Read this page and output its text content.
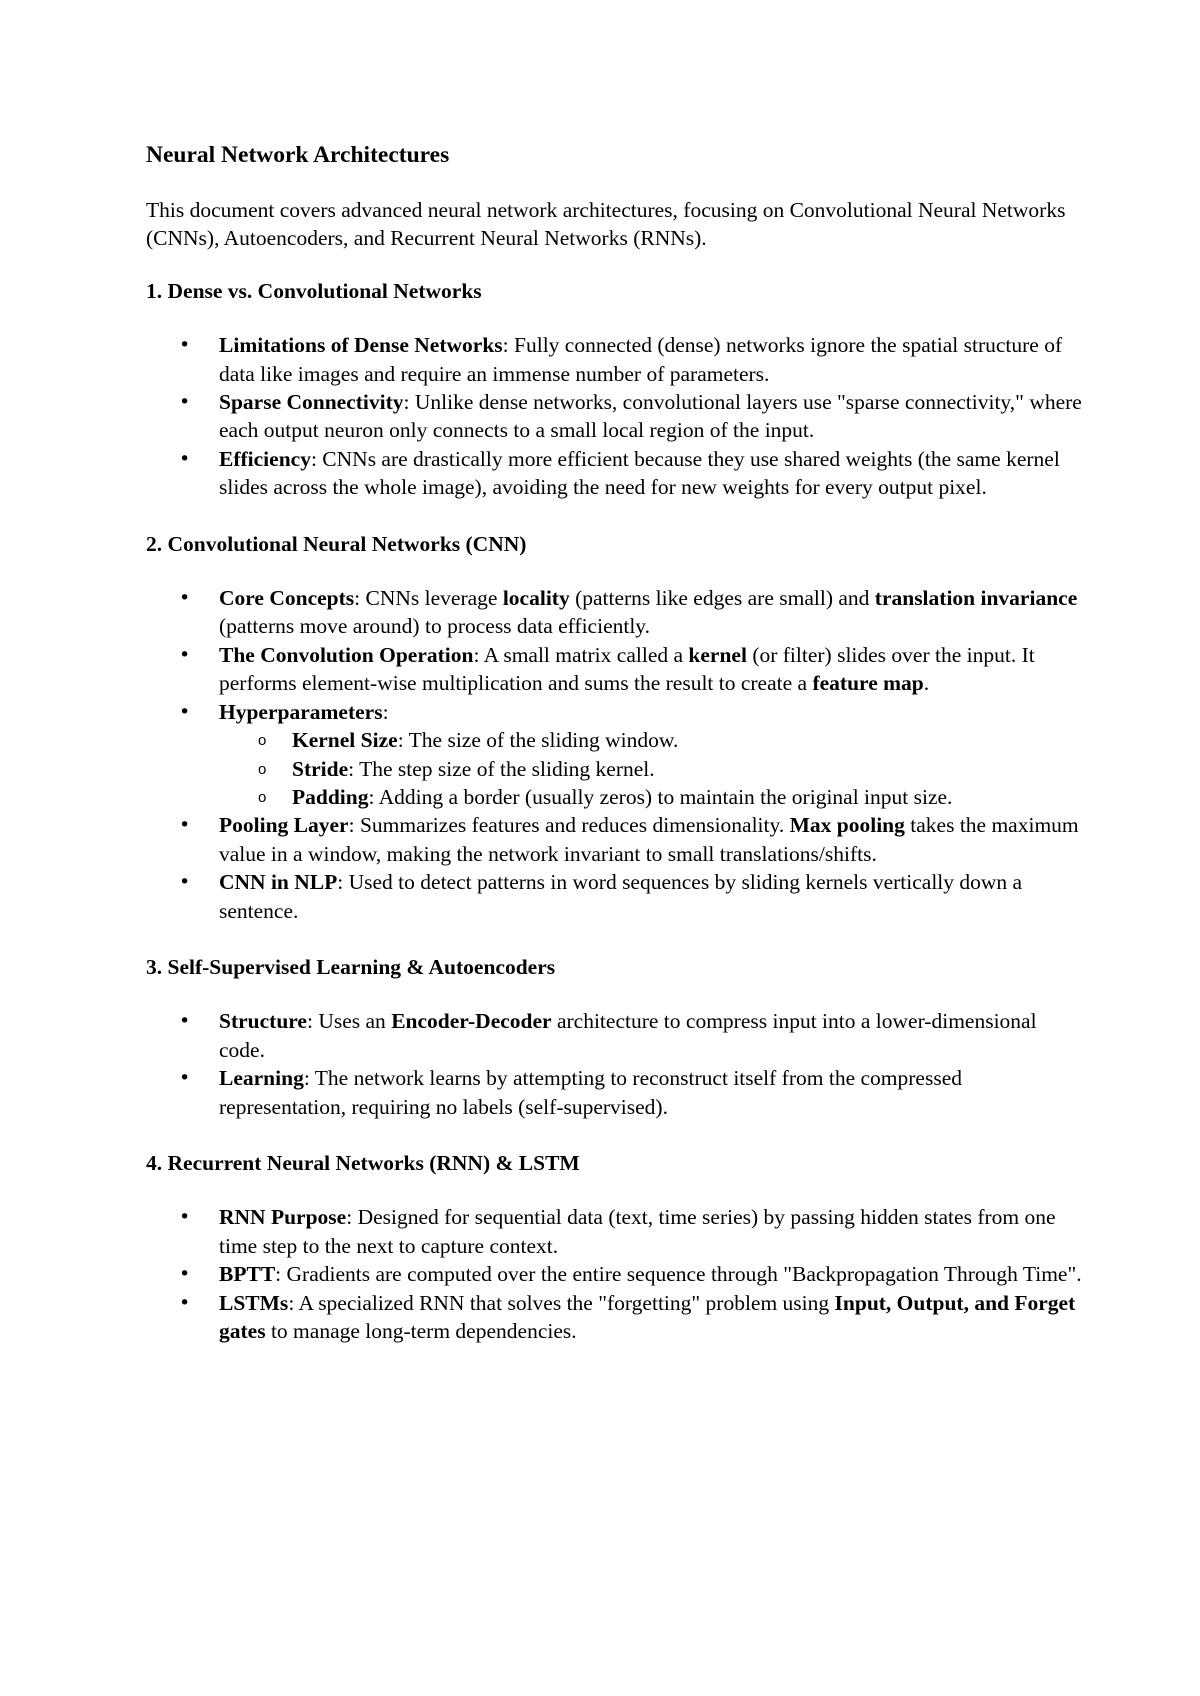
Neural Network Architectures

This document covers advanced neural network architectures, focusing on Convolutional Neural Networks (CNNs), Autoencoders, and Recurrent Neural Networks (RNNs).

1. Dense vs. Convolutional Networks
• Limitations of Dense Networks: Fully connected (dense) networks ignore the spatial structure of data like images and require an immense number of parameters.
• Sparse Connectivity: Unlike dense networks, convolutional layers use "sparse connectivity," where each output neuron only connects to a small local region of the input.
• Efficiency: CNNs are drastically more efficient because they use shared weights (the same kernel slides across the whole image), avoiding the need for new weights for every output pixel.
2. Convolutional Neural Networks (CNN)
• Core Concepts: CNNs leverage locality (patterns like edges are small) and translation invariance (patterns move around) to process data efficiently.
• The Convolution Operation: A small matrix called a kernel (or filter) slides over the input. It performs element-wise multiplication and sums the result to create a feature map.
• Hyperparameters:
o Kernel Size: The size of the sliding window.
o Stride: The step size of the sliding kernel.
o Padding: Adding a border (usually zeros) to maintain the original input size.
• Pooling Layer: Summarizes features and reduces dimensionality. Max pooling takes the maximum value in a window, making the network invariant to small translations/shifts.
• CNN in NLP: Used to detect patterns in word sequences by sliding kernels vertically down a sentence.
3. Self-Supervised Learning & Autoencoders
• Structure: Uses an Encoder-Decoder architecture to compress input into a lower-dimensional code.
• Learning: The network learns by attempting to reconstruct itself from the compressed representation, requiring no labels (self-supervised).
4. Recurrent Neural Networks (RNN) & LSTM
• RNN Purpose: Designed for sequential data (text, time series) by passing hidden states from one time step to the next to capture context.
• BPTT: Gradients are computed over the entire sequence through "Backpropagation Through Time".
• LSTMs: A specialized RNN that solves the "forgetting" problem using Input, Output, and Forget gates to manage long-term dependencies.
